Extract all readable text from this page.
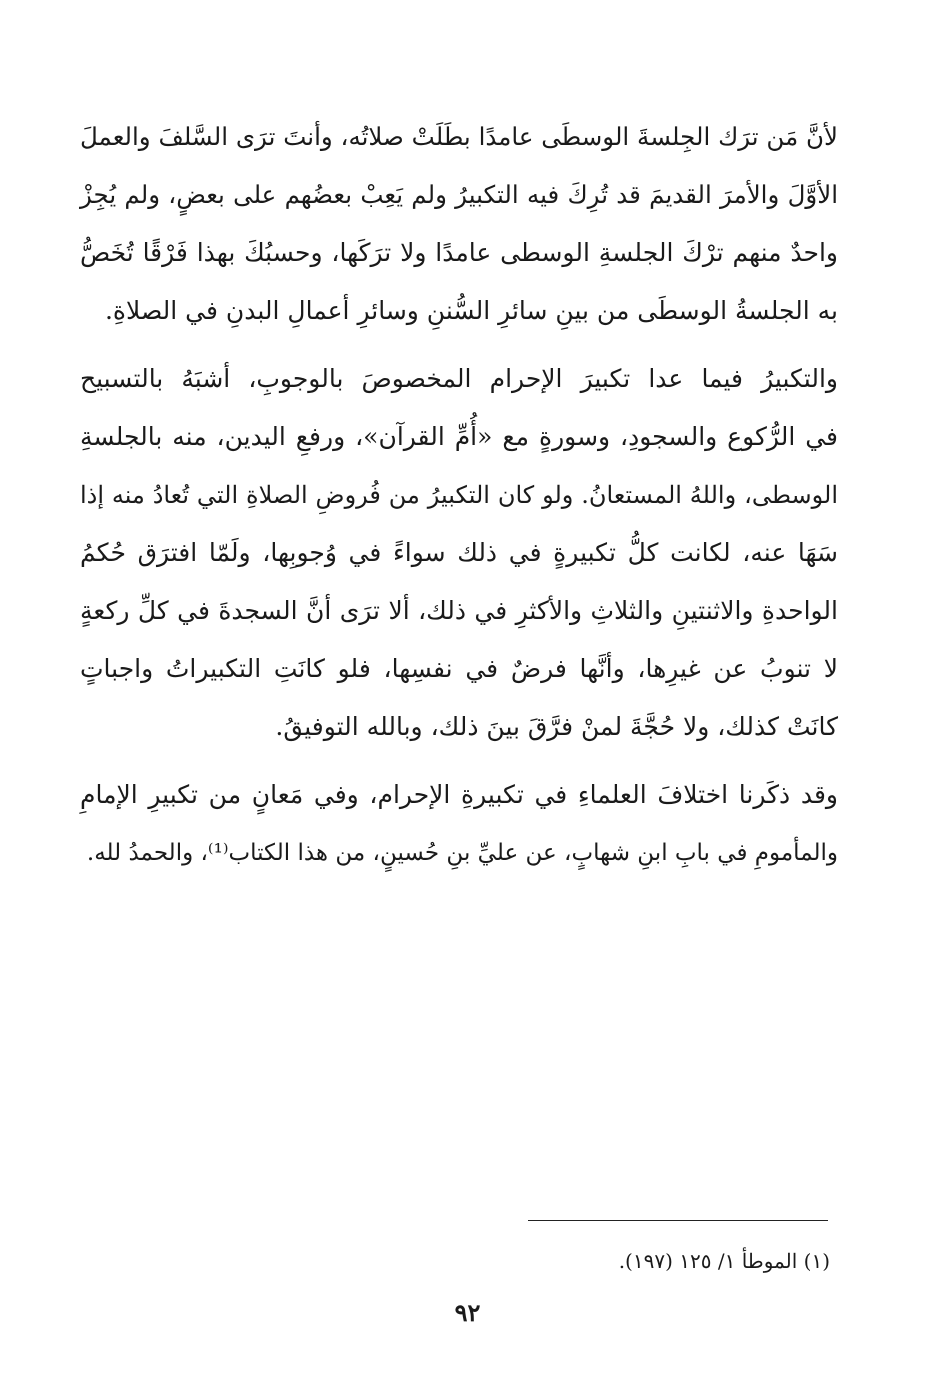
لأنَّ مَن ترَك الجِلسةَ الوسطَى عامدًا بطَلَتْ صلاتُه، وأنتَ ترَى السَّلفَ والعملَ
الأوَّلَ والأمرَ القديمَ قد تُرِكَ فيه التكبيرُ ولم يَعِبْ بعضُهم على بعضٍ، ولم يُجِزْ
واحدٌ منهم ترْكَ الجلسةِ الوسطى عامدًا ولا ترَكَها، وحسبُكَ بهذا فَرْقًا تُخَصُّ
به الجلسةُ الوسطَى من بينِ سائرِ السُّننِ وسائرِ أعمالِ البدنِ في الصلاةِ.

والتكبيرُ فيما عدا تكبيرَ الإحرام المخصوصَ بالوجوبِ، أشبَهُ بالتسبيح
في الرُّكوع والسجودِ، وسورةٍ مع «أُمِّ القرآن»، ورفعِ اليدين، منه بالجلسةِ
الوسطى، واللهُ المستعانُ. ولو كان التكبيرُ من فُروضِ الصلاةِ التي تُعادُ منه إذا
سَهَا عنه، لكانت كلُّ تكبيرةٍ في ذلك سواءً في وُجوبِها، ولَمّا افترَق حُكمُ
الواحدةِ والاثنتينِ والثلاثِ والأكثرِ في ذلك، ألا ترَى أنَّ السجدةَ في كلِّ ركعةٍ
لا تنوبُ عن غيرِها، وأنَّها فرضٌ في نفسِها، فلو كانَتِ التكبيراتُ واجباتٍ
كانَتْ كذلك، ولا حُجَّةَ لمنْ فرَّقَ بينَ ذلك، وبالله التوفيقُ.

وقد ذكَرنا اختلافَ العلماءِ في تكبيرةِ الإحرام، وفي مَعانٍ من تكبيرِ الإمامِ
والمأمومِ في بابِ ابنِ شهابٍ، عن عليِّ بنِ حُسينٍ، من هذا الكتاب⁽¹⁾، والحمدُ لله.

(١) الموطأ ١/ ١٢٥ (١٩٧).
٩٢
